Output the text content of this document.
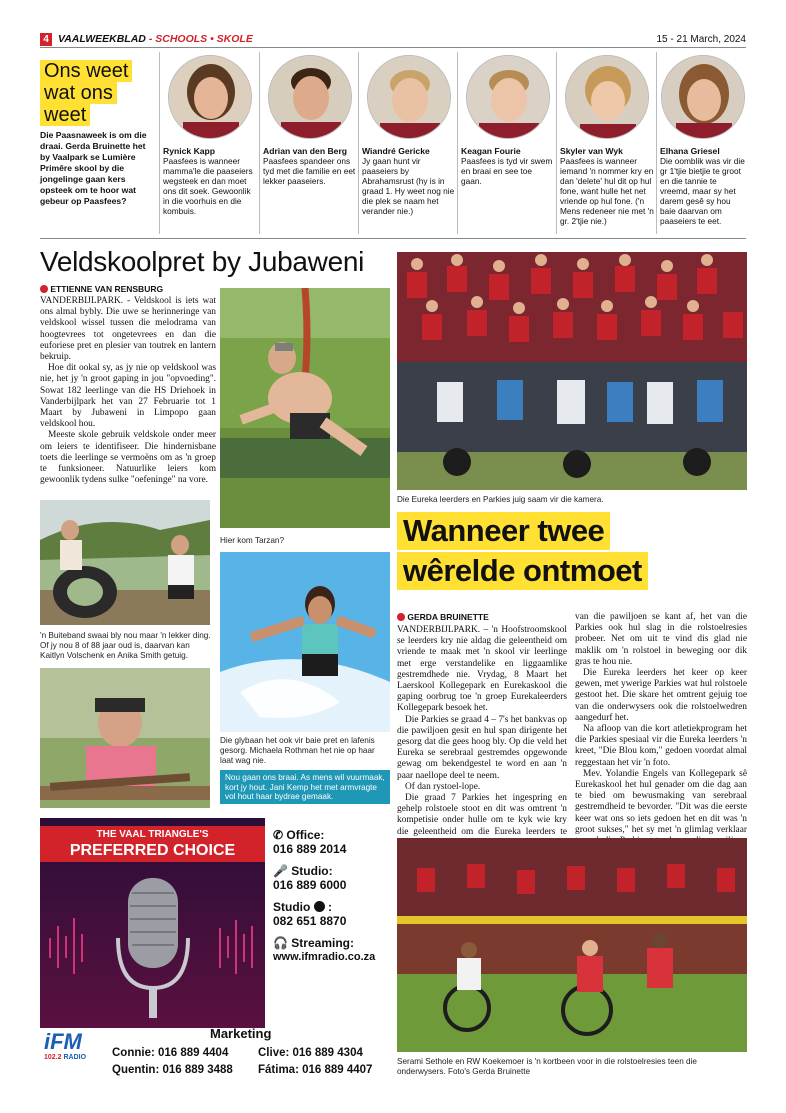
4 VAALWEEKBLAD - SCHOOLS • SKOLE	15 - 21 March, 2024
Ons weet
wat ons
weet
Die Paasnaweek is om die draai. Gerda Bruinette het by Vaalpark se Lumière Primêre skool by die jongelinge gaan kers opsteek om te hoor wat gebeur op Paasfees?
Rynick Kapp
Paasfees is wanneer mamma'le die paaseiers wegsteek en dan moet ons dit soek. Gewoonlik in die voorhuis en die kombuis.
Adrian van den Berg
Paasfees spandeer ons tyd met die familie en eet lekker paaseiers.
Wiandré Gericke
Jy gaan hunt vir paaseiers by Abrahamsrust (hy is in graad 1. Hy weet nog nie die plek se naam het verander nie.)
Keagan Fourie
Paasfees is tyd vir swem en braai en see toe gaan.
Skyler van Wyk
Paasfees is wanneer iemand 'n nommer kry en dan 'delete' hul dit op hul fone, want hulle het net vriende op hul fone. ('n Mens redeneer nie met 'n gr. 2'tjie nie.)
Elhana Griesel
Die oomblik was vir die gr 1'tjie bietjie te groot en die tannie te vreemd, maar sy het darem gesê sy hou baie daarvan om paaseiers te eet.
Veldskoolpret by Jubaweni
ETTIENNE VAN RENSBURG

VANDERBIJLPARK. - Veldskool is iets wat ons almal bybly. Die uwe se herinneringe van veldskool wissel tussen die melodrama van hoogtevrees tot ongetevrees en dan die euforiese pret en plesier van toutrek en lantern bekruip.

Hoe dit ookal sy, as jy nie op veldskool was nie, het jy 'n groot gaping in jou "opvoeding". Sowat 182 leerlinge van die HS Driehoek in Vanderbijlpark het van 27 Februarie tot 1 Maart by Jubaweni in Limpopo gaan veldskool hou.

Meeste skole gebruik veldskole onder meer om leiers te identifiseer. Die hindernisbane toets die leerlinge se vermoëns om as 'n groep te funksioneer. Natuurlike leiers kom gewoonlik tydens sulke "oefeninge" na vore.

Hier kom Tarzan?
'n Buiteband swaai bly nou maar 'n lekker ding. Of jy nou 8 of 88 jaar oud is, daarvan kan Kaitlyn Volschenk en Anika Smith getuig.
Die glybaan het ook vir baie pret en lafenis gesorg. Michaela Rothman het nie op haar laat wag nie.
Nou gaan ons braai. As mens wil vuurmaak, kort jy hout. Jani Kemp het met armvragte vol hout haar bydrae gemaak.
Die Eureka leerders en Parkies juig saam vir die kamera.
Wanneer twee
wêrelde ontmoet
GERDA BRUINETTE

VANDERBIJLPARK. – 'n Hoofstroomskool se leerders kry nie aldag die geleentheid om vriende te maak met 'n skool vir leerlinge met erge verstandelike en liggaamlike gestremdhede nie. Vrydag, 8 Maart het Laerskool Kollegepark en Eurekaskool die gaping oorbrug toe 'n groep Eurekaleerders Kollegepark besoek het.

Die Parkies se graad 4 – 7's het bankvas op die pawiljoen gesit en hul span dirigente het gesorg dat die gees hoog bly. Op die veld het Eureka se serebraal gestremdes opgewonde gewag om bekendgestel te word en aan 'n paar naellope deel te neem.

Of dan rystoel-lope.

Die graad 7 Parkies het ingespring en gehelp rolstoele stoot en dit was omtrent 'n kompetisie onder hulle om te kyk wie kry die geleentheid om die Eureka leerders te

van die pawiljoen se kant af, het van die Parkies ook hul slag in die rolstoelresies probeer. Net om uit te vind dis glad nie maklik om 'n rolstoel in beweging oor dik gras te hou nie.

Die Eureka leerders het keer op keer gewen, met ywerige Parkies wat hul rolstoele gestoot het. Die skare het omtrent gejuig toe van die onderwysers ook die rolstoelwedren aangedurf het.

Na afloop van die kort atletiekprogram het die Parkies spesiaal vir die Eureka leerders 'n kreet, "Die Blou kom," gedoen voordat almal reggestaan het vir 'n foto.

Mev. Yolandie Engels van Kollegepark sê Eurekaskool het hul genader om die dag aan te bied om bewusmaking van serebraal gestremdheid te bevorder. "Dit was die eerste keer wat ons so iets gedoen het en dit was 'n groot sukses," het sy met 'n glimlag verklaar

Serami Sethole en RW Koekemoer is 'n kortbeen voor in die rolstoelresies teen die onderwysers. Foto's Gerda Bruinette
THE VAAL TRIANGLE'S
PREFERRED CHOICE
✆ Office:
016 889 2014
🎤 Studio:
016 889 6000
Studio  :
082 651 8870
🎧 Streaming:
www.ifmradio.co.za
iFM
102.2 RADIO
Marketing
Connie: 016 889 4404	Clive: 016 889 4304
Quentin: 016 889 3488 Fátima: 016 889 4407
